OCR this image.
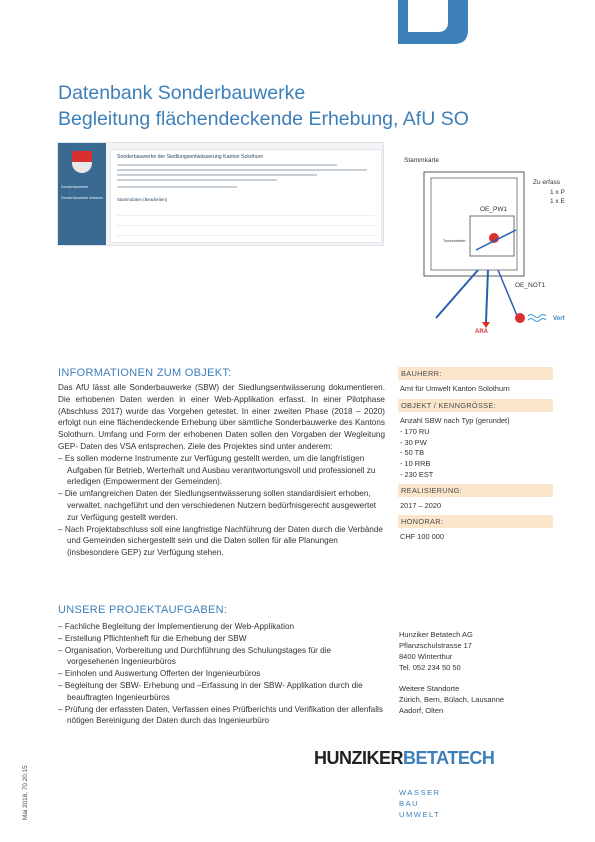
Datenbank Sonderbauwerke
Begleitung flächendeckende Erhebung, AfU SO
Sonderbauwerke
Sonderbauwerke erfassen
Sonderbauwerke der Siedlungsentwässerung Kanton Solothurn
Stammdaten (Bearbeiten)
Stammkarte
Zu erfass
1 x P
1 x E
OE_PW1
Trockenwetter
OE_NOT1
Vorf
ARA
INFORMATIONEN ZUM OBJEKT:

Das AfU lässt alle Sonderbauwerke (SBW) der Siedlungsentwässerung dokumentieren. Die erhobenen Daten werden in einer Web-Applikation erfasst. In einer Pilotphase (Abschluss 2017) wurde das Vorgehen getestet. In einer zweiten Phase (2018 – 2020) erfolgt nun eine flächendeckende Erhebung über sämtliche Sonderbauwerke des Kantons Solothurn. Umfang und Form der erhobenen Daten sollen den Vorgaben der Wegleitung GEP- Daten des VSA entsprechen. Ziele des Projektes sind unter anderem:

– Es sollen moderne Instrumente zur Verfügung gestellt werden, um die langfristigen Aufgaben für Betrieb, Werterhalt und Ausbau verantwortungsvoll und professionell zu erledigen (Empowerment der Gemeinden).
– Die umfangreichen Daten der Siedlungsentwässerung sollen standardisiert erhoben, verwaltet, nachgeführt und den verschiedenen Nutzern bedürfnisgerecht ausgewertet zur Verfügung gestellt werden.
– Nach Projektabschluss soll eine langfristige Nachführung der Daten durch die Verbände und Gemeinden sichergestellt sein und die Daten sollen für alle Planungen (insbesondere GEP) zur Verfügung stehen.
UNSERE PROJEKTAUFGABEN:
– Fachliche Begleitung der Implementierung der Web-Applikation
– Erstellung Pflichtenheft für die Erhebung der SBW
– Organisation, Vorbereitung und Durchführung des Schulungstages für die vorgesehenen Ingenieurbüros
– Einholen und Auswertung Offerten der Ingenieurbüros
– Begleitung der SBW- Erhebung und –Erfassung in der SBW- Applikation durch die beauftragten Ingenieurbüros
– Prüfung der erfassten Daten, Verfassen eines Prüfberichts und Verifikation der allenfalls nötigen Bereinigung der Daten durch das Ingenieurbüro
BAUHERR:
Amt für Umwelt Kanton Solothurn
OBJEKT / KENNGRÖSSE:
Anzahl SBW nach Typ (gerundet)
- 170 RU
- 30 PW
- 50 TB
- 10 RRB
- 230 EST
REALISIERUNG:
2017 – 2020
HONORAR:
CHF 100 000
Hunziker Betatech AG
Pflanzschulstrasse 17
8400 Winterthur
Tel. 052 234 50 50
Weitere Standorte
Zürich, Bern, Bülach, Lausanne
Aadorf, Olten
HUNZIKERBETATECH
WASSER
BAU
UMWELT
Mai 2018, 70.20.15
